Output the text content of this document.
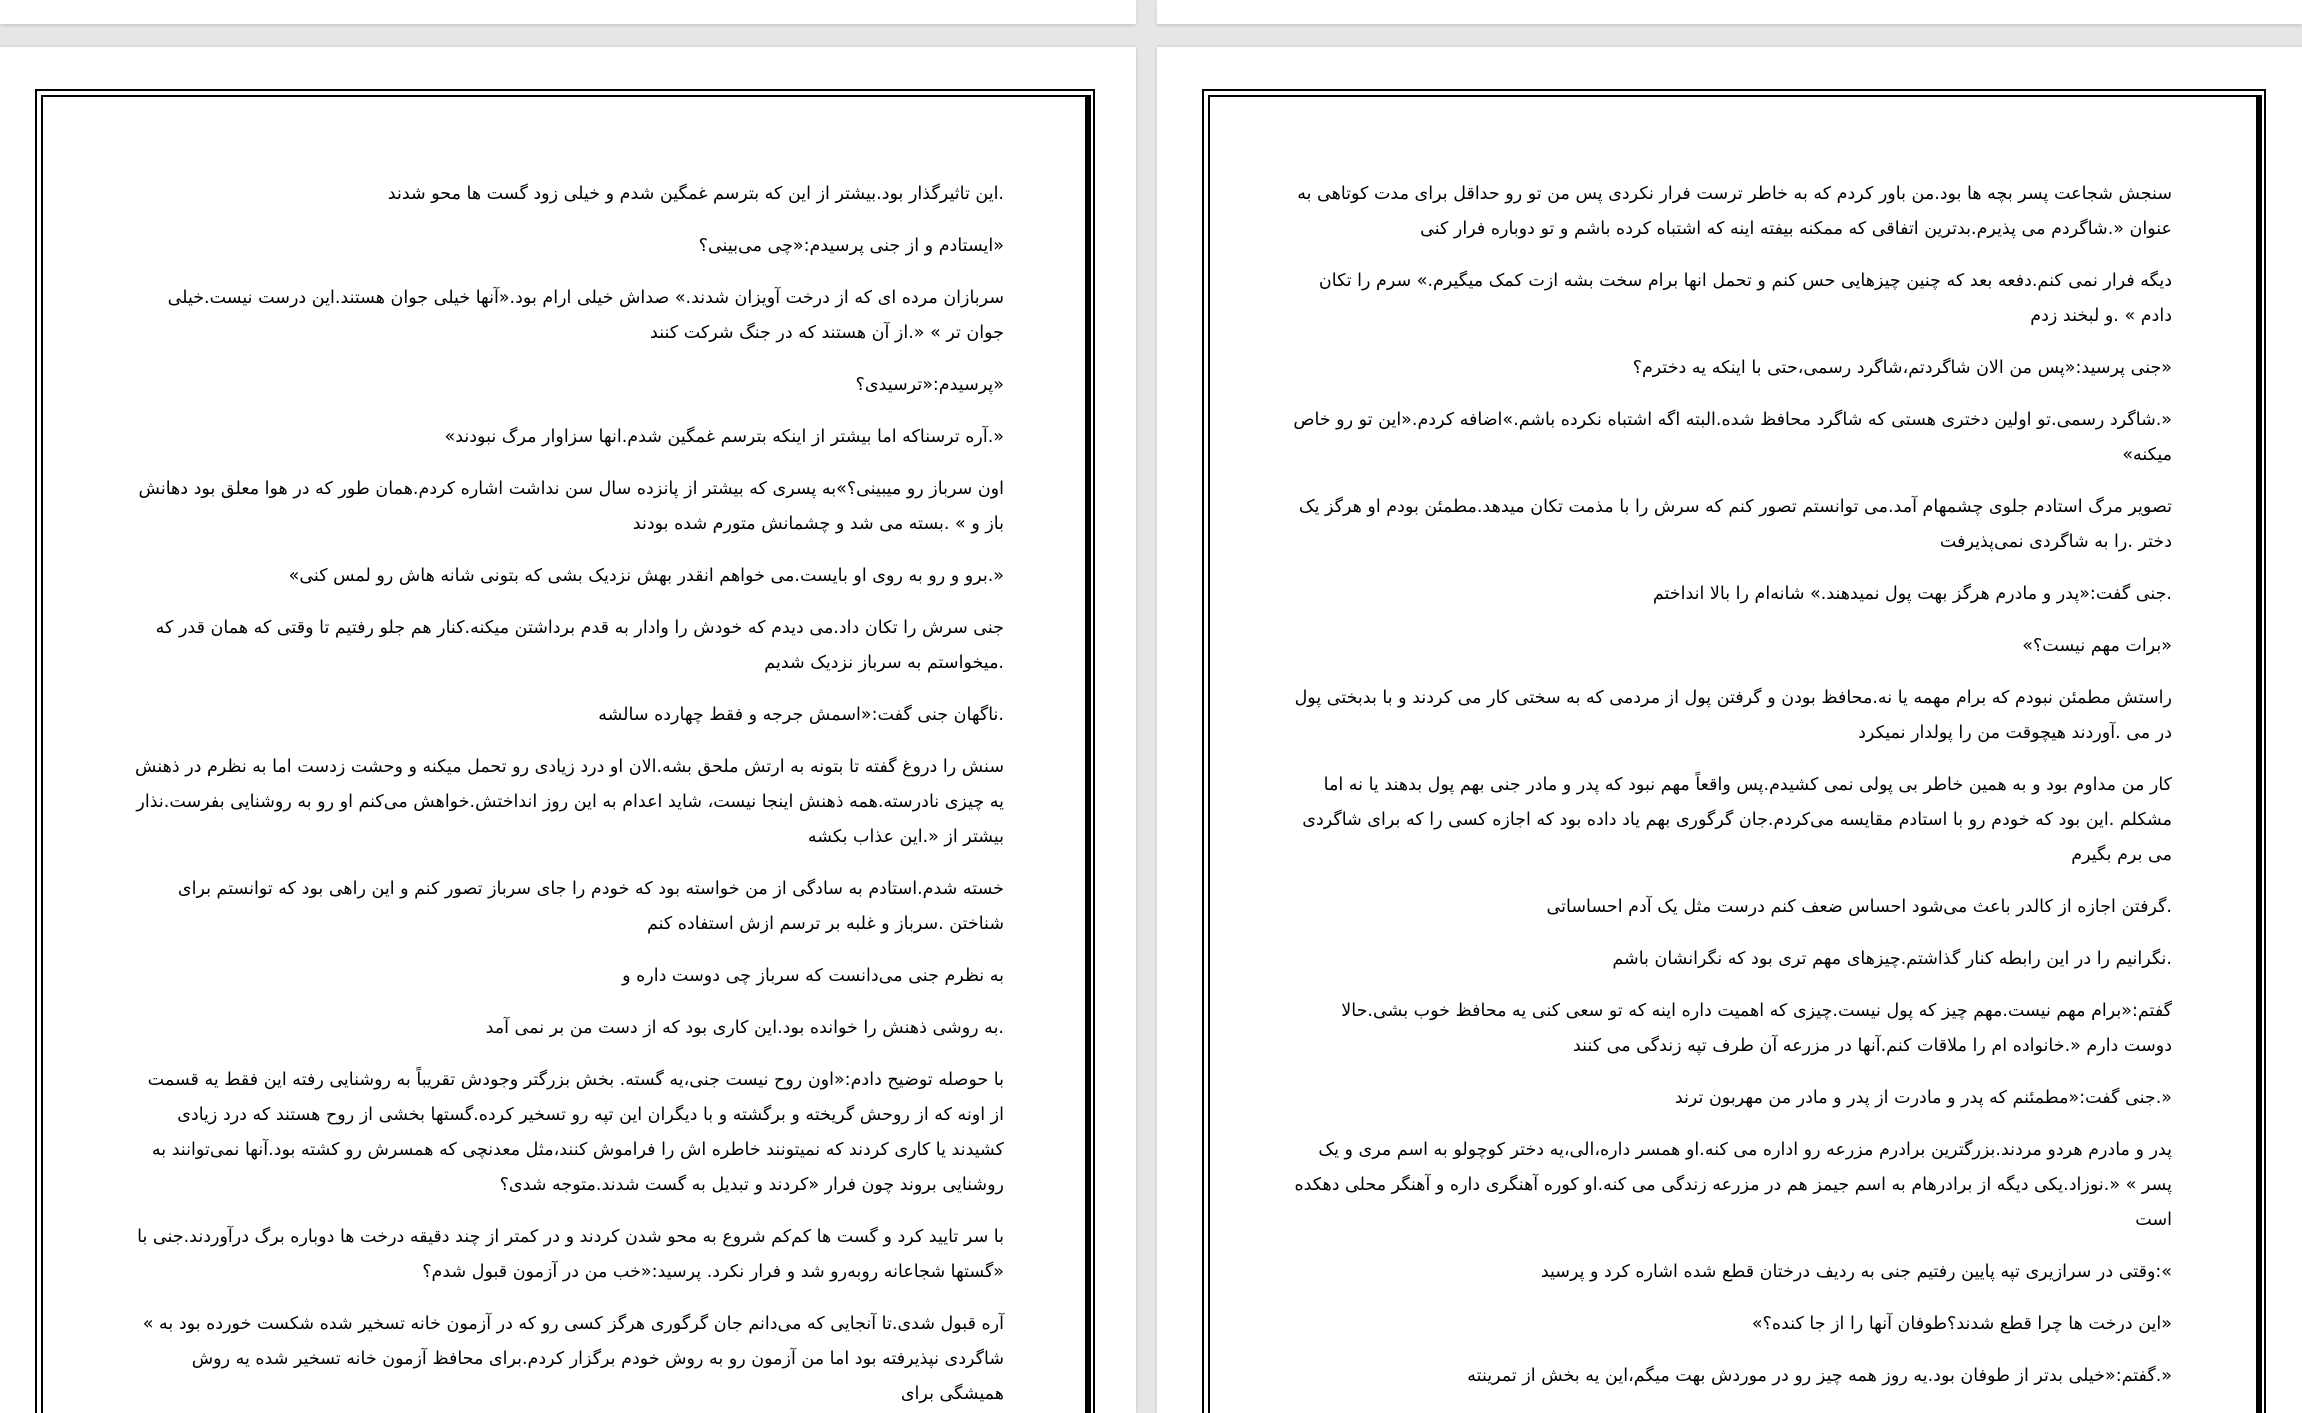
.این تاثیرگذار بود.بیشتر از این که بترسم غمگین شدم و خیلی زود گست ها محو شدند

«ایستادم و از جنی پرسیدم:«چی می‌بینی؟

سربازان مرده ای که از درخت آویزان شدند.» صداش خیلی ارام بود.«آنها خیلی جوان هستند.این درست نیست.خیلی جوان تر » «.از آن هستند که در جنگ شرکت کنند

«پرسیدم:«ترسیدی؟

«.آره ترسناکه اما بیشتر از اینکه بترسم غمگین شدم.انها سزاوار مرگ نبودند»

اون سرباز رو میبینی؟»به پسری که بیشتر از پانزده سال سن نداشت اشاره کردم.همان طور که در هوا معلق بود دهانش باز و » .بسته می شد و چشمانش متورم شده بودند

«.برو و رو به روی او بایست.می خواهم انقدر بهش نزدیک بشی که بتونی شانه هاش رو لمس کنی»

جنی سرش را تکان داد.می دیدم که خودش را وادار به قدم برداشتن میکنه.کنار هم جلو رفتیم تا وقتی که همان قدر که .میخواستم به سرباز نزدیک شدیم

.ناگهان جنی گفت:«اسمش جرجه و فقط چهارده سالشه

سنش را دروغ گفته تا بتونه به ارتش ملحق بشه.الان او درد زیادی رو تحمل میکنه و وحشت زدست اما به نظرم در ذهنش یه چیزی نادرسته.همه ذهنش اینجا نیست، شاید اعدام به این روز انداختش.خواهش می‌کنم او رو به روشنایی بفرست.نذار بیشتر از «.این عذاب بکشه

خسته شدم.استادم به سادگی از من خواسته بود که خودم را جای سرباز تصور کنم و این راهی بود که توانستم برای شناختن .سرباز و غلبه بر ترسم ازش استفاده کنم

به نظرم جنی می‌دانست که سرباز چی دوست داره و

.به روشی ذهنش را خوانده بود.این کاری بود که از دست من بر نمی آمد

با حوصله توضیح دادم:«اون روح نیست جنی،یه گسته. بخش بزرگتر وجودش تقریباً به روشنایی رفته این فقط یه قسمت از اونه که از روحش گریخته و برگشته و با دیگران این تپه رو تسخیر کرده.گستها بخشی از روح هستند که درد زیادی کشیدند یا کاری کردند که نمیتونند خاطره اش را فراموش کنند،مثل معدنچی که همسرش رو کشته بود.آنها نمی‌توانند به روشنایی بروند چون فرار «کردند و تبدیل به گست شدند.متوجه شدی؟

با سر تایید کرد و گست ها کم‌کم شروع به محو شدن کردند و در کمتر از چند دقیقه درخت ها دوباره برگ درآوردند.جنی با «گستها شجاعانه روبه‌رو شد و فرار نکرد. پرسید:«خب من در آزمون قبول شدم؟

آره قبول شدی.تا آنجایی که می‌دانم جان گرگوری هرگز کسی رو که در آزمون خانه تسخیر شده شکست خورده بود به » شاگردی نپذیرفته بود اما من آزمون رو به روش خودم برگزار کردم.برای محافظ آزمون خانه تسخیر شده یه روش همیشگی برای

سنجش شجاعت پسر بچه ها بود.من باور کردم که به خاطر ترست فرار نکردی پس من تو رو حداقل برای مدت کوتاهی به عنوان «.شاگردم می پذیرم.بدترین اتفاقی که ممکنه بیفته اینه که اشتباه کرده باشم و تو دوباره فرار کنی

دیگه فرار نمی کنم.دفعه بعد که چنین چیزهایی حس کنم و تحمل انها برام سخت بشه ازت کمک میگیرم.» سرم را تکان دادم » .و لبخند زدم

«جنی پرسید:«پس من الان شاگردتم،شاگرد رسمی،حتی با اینکه یه دخترم؟

«.شاگرد رسمی.تو اولین دختری هستی که شاگرد محافظ شده.البته اگه اشتباه نکرده باشم.»اضافه کردم.«این تو رو خاص میکنه»

تصویر مرگ استادم جلوی چشمهام آمد.می توانستم تصور کنم که سرش را با مذمت تکان میدهد.مطمئن بودم او هرگز یک دختر .را به شاگردی نمی‌پذیرفت

.جنی گفت:«پدر و مادرم هرگز بهت پول نمیدهند.» شانه‌ام را بالا انداختم

«برات مهم نیست؟»

راستش مطمئن نبودم که برام مهمه یا نه.محافظ بودن و گرفتن پول از مردمی که به سختی کار می کردند و با بدبختی پول در می .آوردند هیچوقت من را پولدار نمیکرد

کار من مداوم بود و به همین خاطر بی پولی نمی کشیدم.پس واقعاً مهم نبود که پدر و مادر جنی بهم پول بدهند یا نه اما مشکلم .این بود که خودم رو با استادم مقایسه می‌کردم.جان گرگوری بهم یاد داده بود که اجازه کسی را که برای شاگردی می برم بگیرم

.گرفتن اجازه از کالدر باعث می‌شود احساس ضعف کنم درست مثل یک آدم احساساتی

.نگرانیم را در این رابطه کنار گذاشتم.چیزهای مهم تری بود که نگرانشان باشم

گفتم:«برام مهم نیست.مهم چیز که پول نیست.چیزی که اهمیت داره اینه که تو سعی کنی یه محافظ خوب بشی.حالا دوست دارم «.خانواده ام را ملاقات کنم.آنها در مزرعه آن طرف تپه زندگی می کنند

«.جنی گفت:«مطمئنم که پدر و مادرت از پدر و مادر من مهربون ترند

پدر و مادرم هردو مردند.بزرگترین برادرم مزرعه رو اداره می کنه.او همسر داره،الی،یه دختر کوچولو به اسم مری و یک پسر » «.نوزاد.یکی دیگه از برادرهام به اسم جیمز هم در مزرعه زندگی می کنه.او کوره آهنگری داره و آهنگر محلی دهکده است

»:وقتی در سرازیری تپه پایین رفتیم جنی به ردیف درختان قطع شده اشاره کرد و پرسید

«این درخت ها چرا قطع شدند؟طوفان آنها را از جا کنده؟»

«.گفتم:«خیلی بدتر از طوفان بود.یه روز همه چیز رو در موردش بهت میگم،این یه بخش از تمرینته
